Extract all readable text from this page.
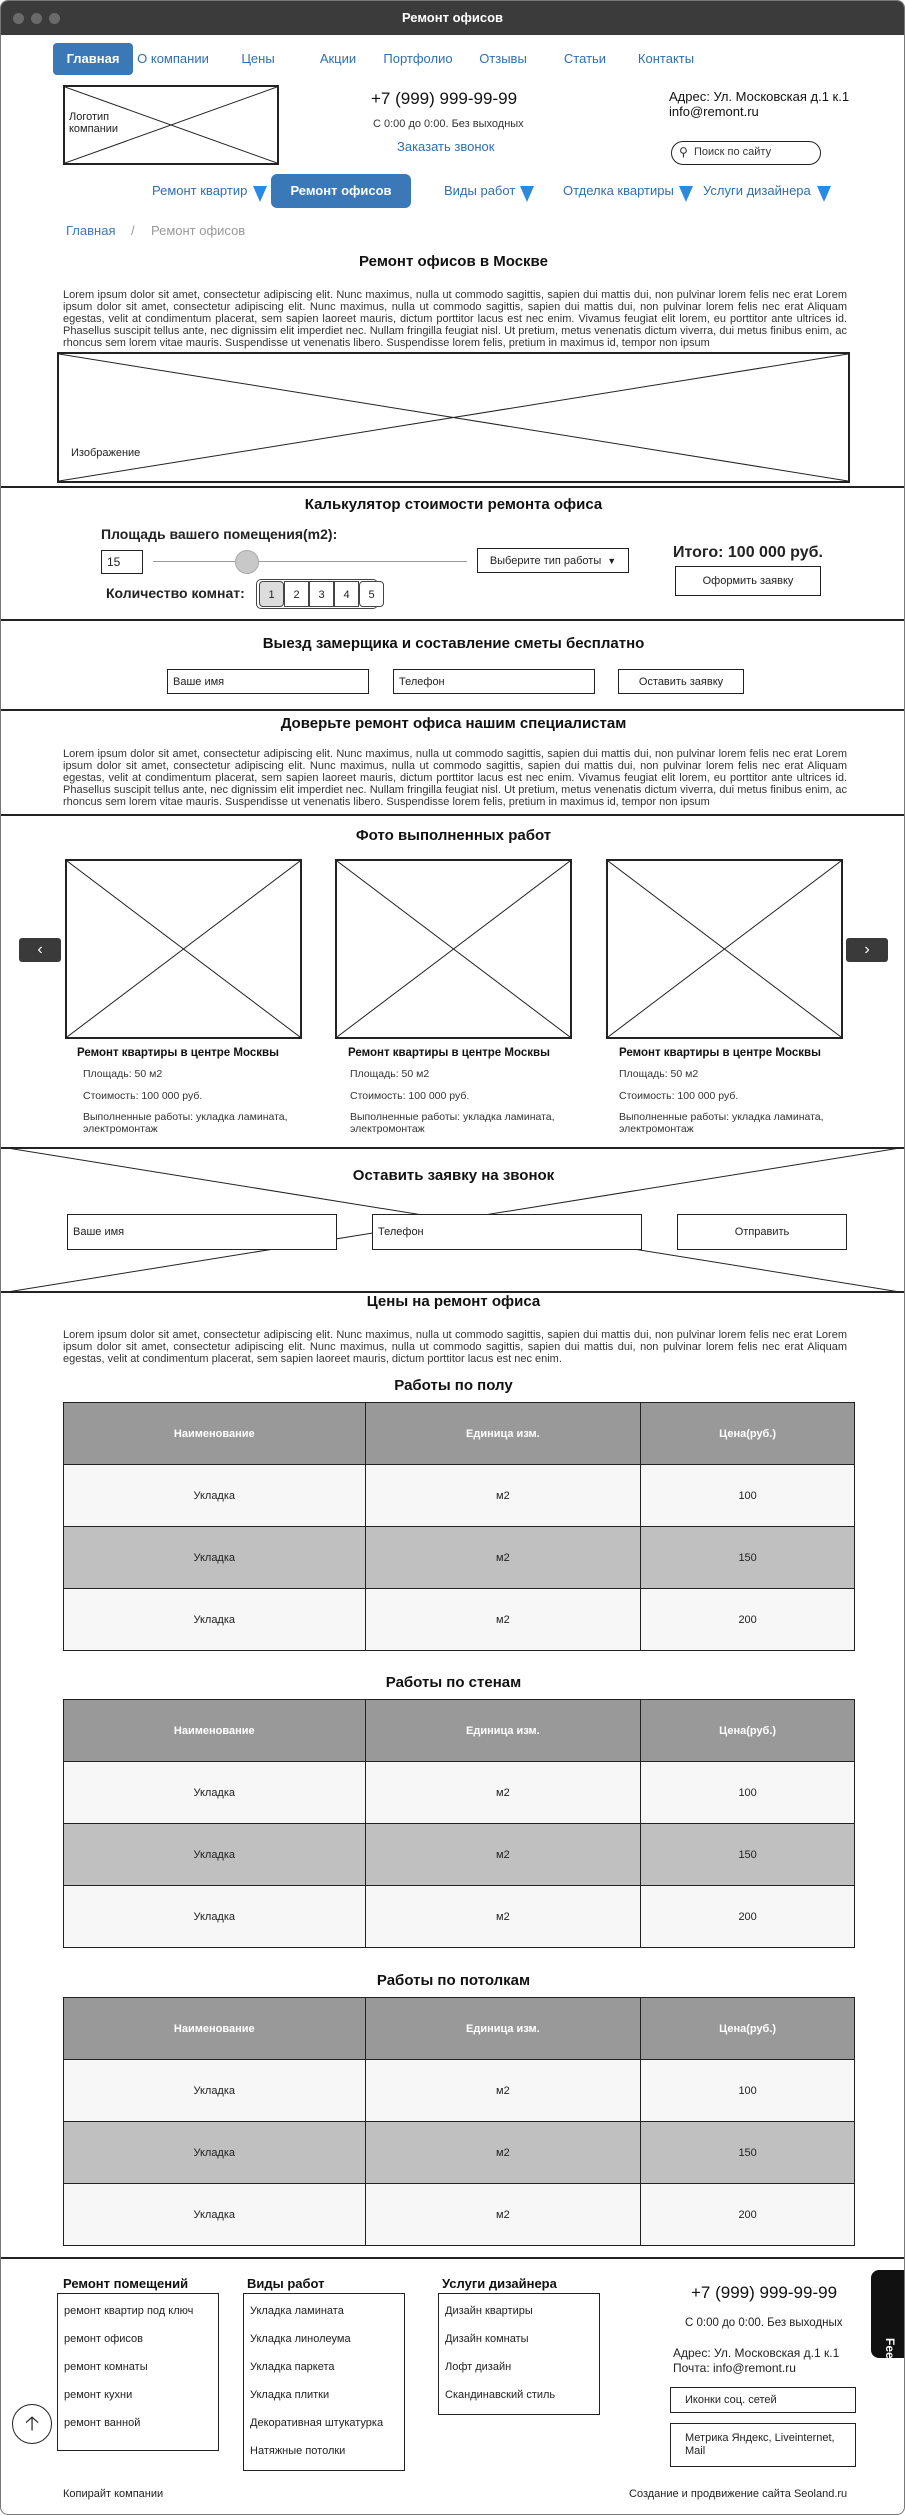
Ремонт офисов
Главная	О компании	Цены	Акции	Портфолио	Отзывы	Статьи	Контакты
Логотип компании
+7 (999) 999-99-99
С 0:00 до 0:00. Без выходных
Заказать звонок
Адрес: Ул. Московская д.1 к.1
info@remont.ru
⚲ Поиск по сайту
Ремонт квартир	Ремонт офисов	Виды работ	Отделка квартиры Услуги дизайнера
Главная / Ремонт офисов
Ремонт офисов в Москве
Lorem ipsum dolor sit amet, consectetur adipiscing elit. Nunc maximus, nulla ut commodo sagittis, sapien dui mattis dui, non pulvinar lorem felis nec erat Lorem ipsum dolor sit amet, consectetur adipiscing elit. Nunc maximus, nulla ut commodo sagittis, sapien dui mattis dui, non pulvinar lorem felis nec erat Aliquam egestas, velit at condimentum placerat, sem sapien laoreet mauris, dictum porttitor lacus est nec enim. Vivamus feugiat elit lorem, eu porttitor ante ultrices id. Phasellus suscipit tellus ante, nec dignissim elit imperdiet nec. Nullam fringilla feugiat nisl. Ut pretium, metus venenatis dictum viverra, dui metus finibus enim, ac rhoncus sem lorem vitae mauris. Suspendisse ut venenatis libero. Suspendisse lorem felis, pretium in maximus id, tempor non ipsum
Изображение
Калькулятор стоимости ремонта офиса
Площадь вашего помещения(m2):
15	Выберите тип работы ▼	Итого: 100 000 руб.
Оформить заявку
Количество комнат:	1	2	3	4	5
Выезд замерщика и составление сметы бесплатно
Ваше имя	Телефон	Оставить заявку
Доверьте ремонт офиса нашим специалистам
Lorem ipsum dolor sit amet, consectetur adipiscing elit. Nunc maximus, nulla ut commodo sagittis, sapien dui mattis dui, non pulvinar lorem felis nec erat Lorem ipsum dolor sit amet, consectetur adipiscing elit. Nunc maximus, nulla ut commodo sagittis, sapien dui mattis dui, non pulvinar lorem felis nec erat Aliquam egestas, velit at condimentum placerat, sem sapien laoreet mauris, dictum porttitor lacus est nec enim. Vivamus feugiat elit lorem, eu porttitor ante ultrices id. Phasellus suscipit tellus ante, nec dignissim elit imperdiet nec. Nullam fringilla feugiat nisl. Ut pretium, metus venenatis dictum viverra, dui metus finibus enim, ac rhoncus sem lorem vitae mauris. Suspendisse ut venenatis libero. Suspendisse lorem felis, pretium in maximus id, tempor non ipsum
Фото выполненных работ
‹	›
Ремонт квартиры в центре Москвы
Площадь: 50 м2
Стоимость: 100 000 руб.
Выполненные работы: укладка ламината, электромонтаж
Ремонт квартиры в центре Москвы
Площадь: 50 м2
Стоимость: 100 000 руб.
Выполненные работы: укладка ламината, электромонтаж
Ремонт квартиры в центре Москвы
Площадь: 50 м2
Стоимость: 100 000 руб.
Выполненные работы: укладка ламината, электромонтаж
Оставить заявку на звонок
Ваше имя	Телефон	Отправить
Цены на ремонт офиса
Lorem ipsum dolor sit amet, consectetur adipiscing elit. Nunc maximus, nulla ut commodo sagittis, sapien dui mattis dui, non pulvinar lorem felis nec erat Lorem ipsum dolor sit amet, consectetur adipiscing elit. Nunc maximus, nulla ut commodo sagittis, sapien dui mattis dui, non pulvinar lorem felis nec erat Aliquam egestas, velit at condimentum placerat, sem sapien laoreet mauris, dictum porttitor lacus est nec enim.
Работы по полу
Наименование	Единица изм.	Цена(руб.)
Укладка	м2	100
Укладка	м2	150
Укладка	м2	200
Работы по стенам
Наименование	Единица изм.	Цена(руб.)
Укладка	м2	100
Укладка	м2	150
Укладка	м2	200
Работы по потолкам
Наименование	Единица изм.	Цена(руб.)
Укладка	м2	100
Укладка	м2	150
Укладка	м2	200
Ремонт помещений
ремонт квартир под ключ
ремонт офисов
ремонт комнаты
ремонт кухни
ремонт ванной
Виды работ
Укладка ламината
Укладка линолеума
Укладка паркета
Укладка плитки
Декоративная штукатурка
Натяжные потолки
Услуги дизайнера
Дизайн квартиры
Дизайн комнаты
Лофт дизайн
Скандинавский стиль
+7 (999) 999-99-99
С 0:00 до 0:00. Без выходных
Адрес: Ул. Московская д.1 к.1
Почта: info@remont.ru
Иконки соц. сетей
Метрика Яндекс, Liveinternet, Mail
🡡
Feedback
Копирайт компании	Создание и продвижение сайта Seoland.ru
